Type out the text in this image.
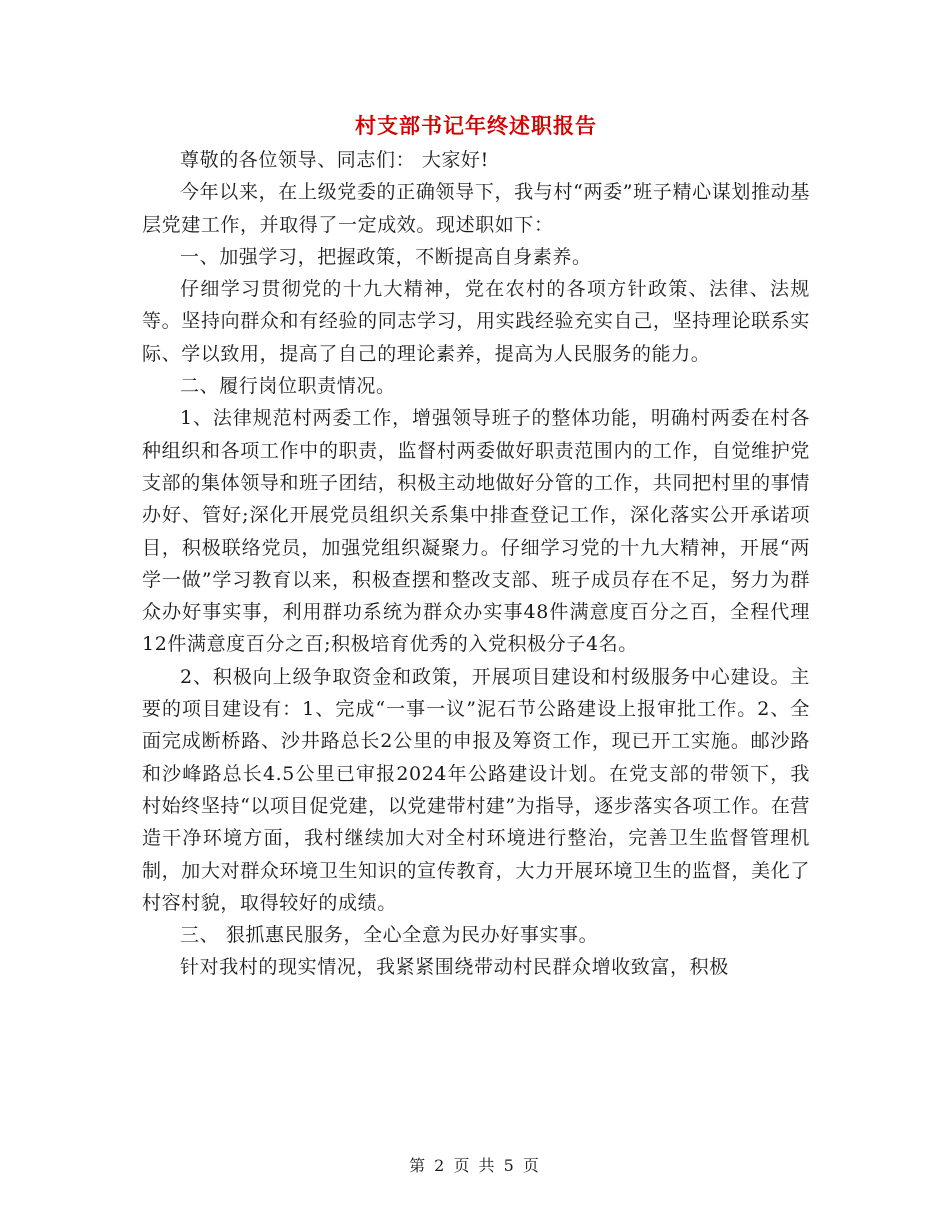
村支部书记年终述职报告

尊敬的各位领导、同志们： 大家好!

今年以来，在上级党委的正确领导下，我与村“两委”班子精心谋划推动基层党建工作，并取得了一定成效。现述职如下：

一、加强学习，把握政策，不断提高自身素养。

仔细学习贯彻党的十九大精神，党在农村的各项方针政策、法律、法规等。坚持向群众和有经验的同志学习，用实践经验充实自己，坚持理论联系实际、学以致用，提高了自己的理论素养，提高为人民服务的能力。

二、履行岗位职责情况。

1、法律规范村两委工作，增强领导班子的整体功能，明确村两委在村各种组织和各项工作中的职责，监督村两委做好职责范围内的工作，自觉维护党支部的集体领导和班子团结，积极主动地做好分管的工作，共同把村里的事情办好、管好;深化开展党员组织关系集中排查登记工作，深化落实公开承诺项目，积极联络党员，加强党组织凝聚力。仔细学习党的十九大精神，开展“两学一做”学习教育以来，积极查摆和整改支部、班子成员存在不足，努力为群众办好事实事，利用群功系统为群众办实事48件满意度百分之百，全程代理12件满意度百分之百;积极培育优秀的入党积极分子4名。

2、积极向上级争取资金和政策，开展项目建设和村级服务中心建设。主要的项目建设有：1、完成“一事一议”泥石节公路建设上报审批工作。2、全面完成断桥路、沙井路总长2公里的申报及筹资工作，现已开工实施。邮沙路和沙峰路总长4.5公里已审报2024年公路建设计划。在党支部的带领下，我村始终坚持“以项目促党建，以党建带村建”为指导，逐步落实各项工作。在营造干净环境方面，我村继续加大对全村环境进行整治，完善卫生监督管理机制，加大对群众环境卫生知识的宣传教育，大力开展环境卫生的监督，美化了村容村貌，取得较好的成绩。

三、 狠抓惠民服务，全心全意为民办好事实事。

针对我村的现实情况，我紧紧围绕带动村民群众增收致富，积极

第 2 页 共 5 页
